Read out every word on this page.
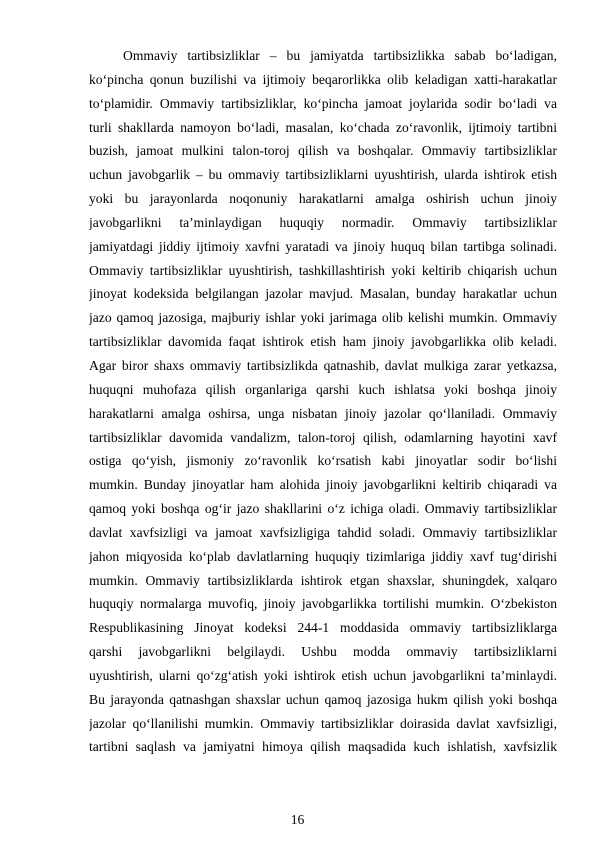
Ommaviy tartibsizliklar – bu jamiyatda tartibsizlikka sabab bo‘ladigan,
ko‘pincha qonun buzilishi va ijtimoiy beqarorlikka olib keladigan xatti-harakatlar
to‘plamidir. Ommaviy tartibsizliklar, ko‘pincha jamoat joylarida sodir bo‘ladi va
turli shakllarda namoyon bo‘ladi, masalan, ko‘chada zo‘ravonlik, ijtimoiy tartibni
buzish, jamoat mulkini talon-toroj qilish va boshqalar. Ommaviy tartibsizliklar
uchun javobgarlik – bu ommaviy tartibsizliklarni uyushtirish, ularda ishtirok etish
yoki bu jarayonlarda noqonuniy harakatlarni amalga oshirish uchun jinoiy
javobgarlikni ta’minlaydigan huquqiy normadir. Ommaviy tartibsizliklar
jamiyatdagi jiddiy ijtimoiy xavfni yaratadi va jinoiy huquq bilan tartibga solinadi.
Ommaviy tartibsizliklar uyushtirish, tashkillashtirish yoki keltirib chiqarish uchun
jinoyat kodeksida belgilangan jazolar mavjud. Masalan, bunday harakatlar uchun
jazo qamoq jazosiga, majburiy ishlar yoki jarimaga olib kelishi mumkin. Ommaviy
tartibsizliklar davomida faqat ishtirok etish ham jinoiy javobgarlikka olib keladi.
Agar biror shaxs ommaviy tartibsizlikda qatnashib, davlat mulkiga zarar yetkazsa,
huquqni muhofaza qilish organlariga qarshi kuch ishlatsa yoki boshqa jinoiy
harakatlarni amalga oshirsa, unga nisbatan jinoiy jazolar qo‘llaniladi. Ommaviy
tartibsizliklar davomida vandalizm, talon-toroj qilish, odamlarning hayotini xavf
ostiga qo‘yish, jismoniy zo‘ravonlik ko‘rsatish kabi jinoyatlar sodir bo‘lishi
mumkin. Bunday jinoyatlar ham alohida jinoiy javobgarlikni keltirib chiqaradi va
qamoq yoki boshqa og‘ir jazo shakllarini o‘z ichiga oladi. Ommaviy tartibsizliklar
davlat xavfsizligi va jamoat xavfsizligiga tahdid soladi. Ommaviy tartibsizliklar
jahon miqyosida ko‘plab davlatlarning huquqiy tizimlariga jiddiy xavf tug‘dirishi
mumkin. Ommaviy tartibsizliklarda ishtirok etgan shaxslar, shuningdek, xalqaro
huquqiy normalarga muvofiq, jinoiy javobgarlikka tortilishi mumkin. O‘zbekiston
Respublikasining Jinoyat kodeksi 244-1 moddasida ommaviy tartibsizliklarga
qarshi javobgarlikni belgilaydi. Ushbu modda ommaviy tartibsizliklarni
uyushtirish, ularni qo‘zg‘atish yoki ishtirok etish uchun javobgarlikni ta’minlaydi.
Bu jarayonda qatnashgan shaxslar uchun qamoq jazosiga hukm qilish yoki boshqa
jazolar qo‘llanilishi mumkin. Ommaviy tartibsizliklar doirasida davlat xavfsizligi,
tartibni saqlash va jamiyatni himoya qilish maqsadida kuch ishlatish, xavfsizlik
16
